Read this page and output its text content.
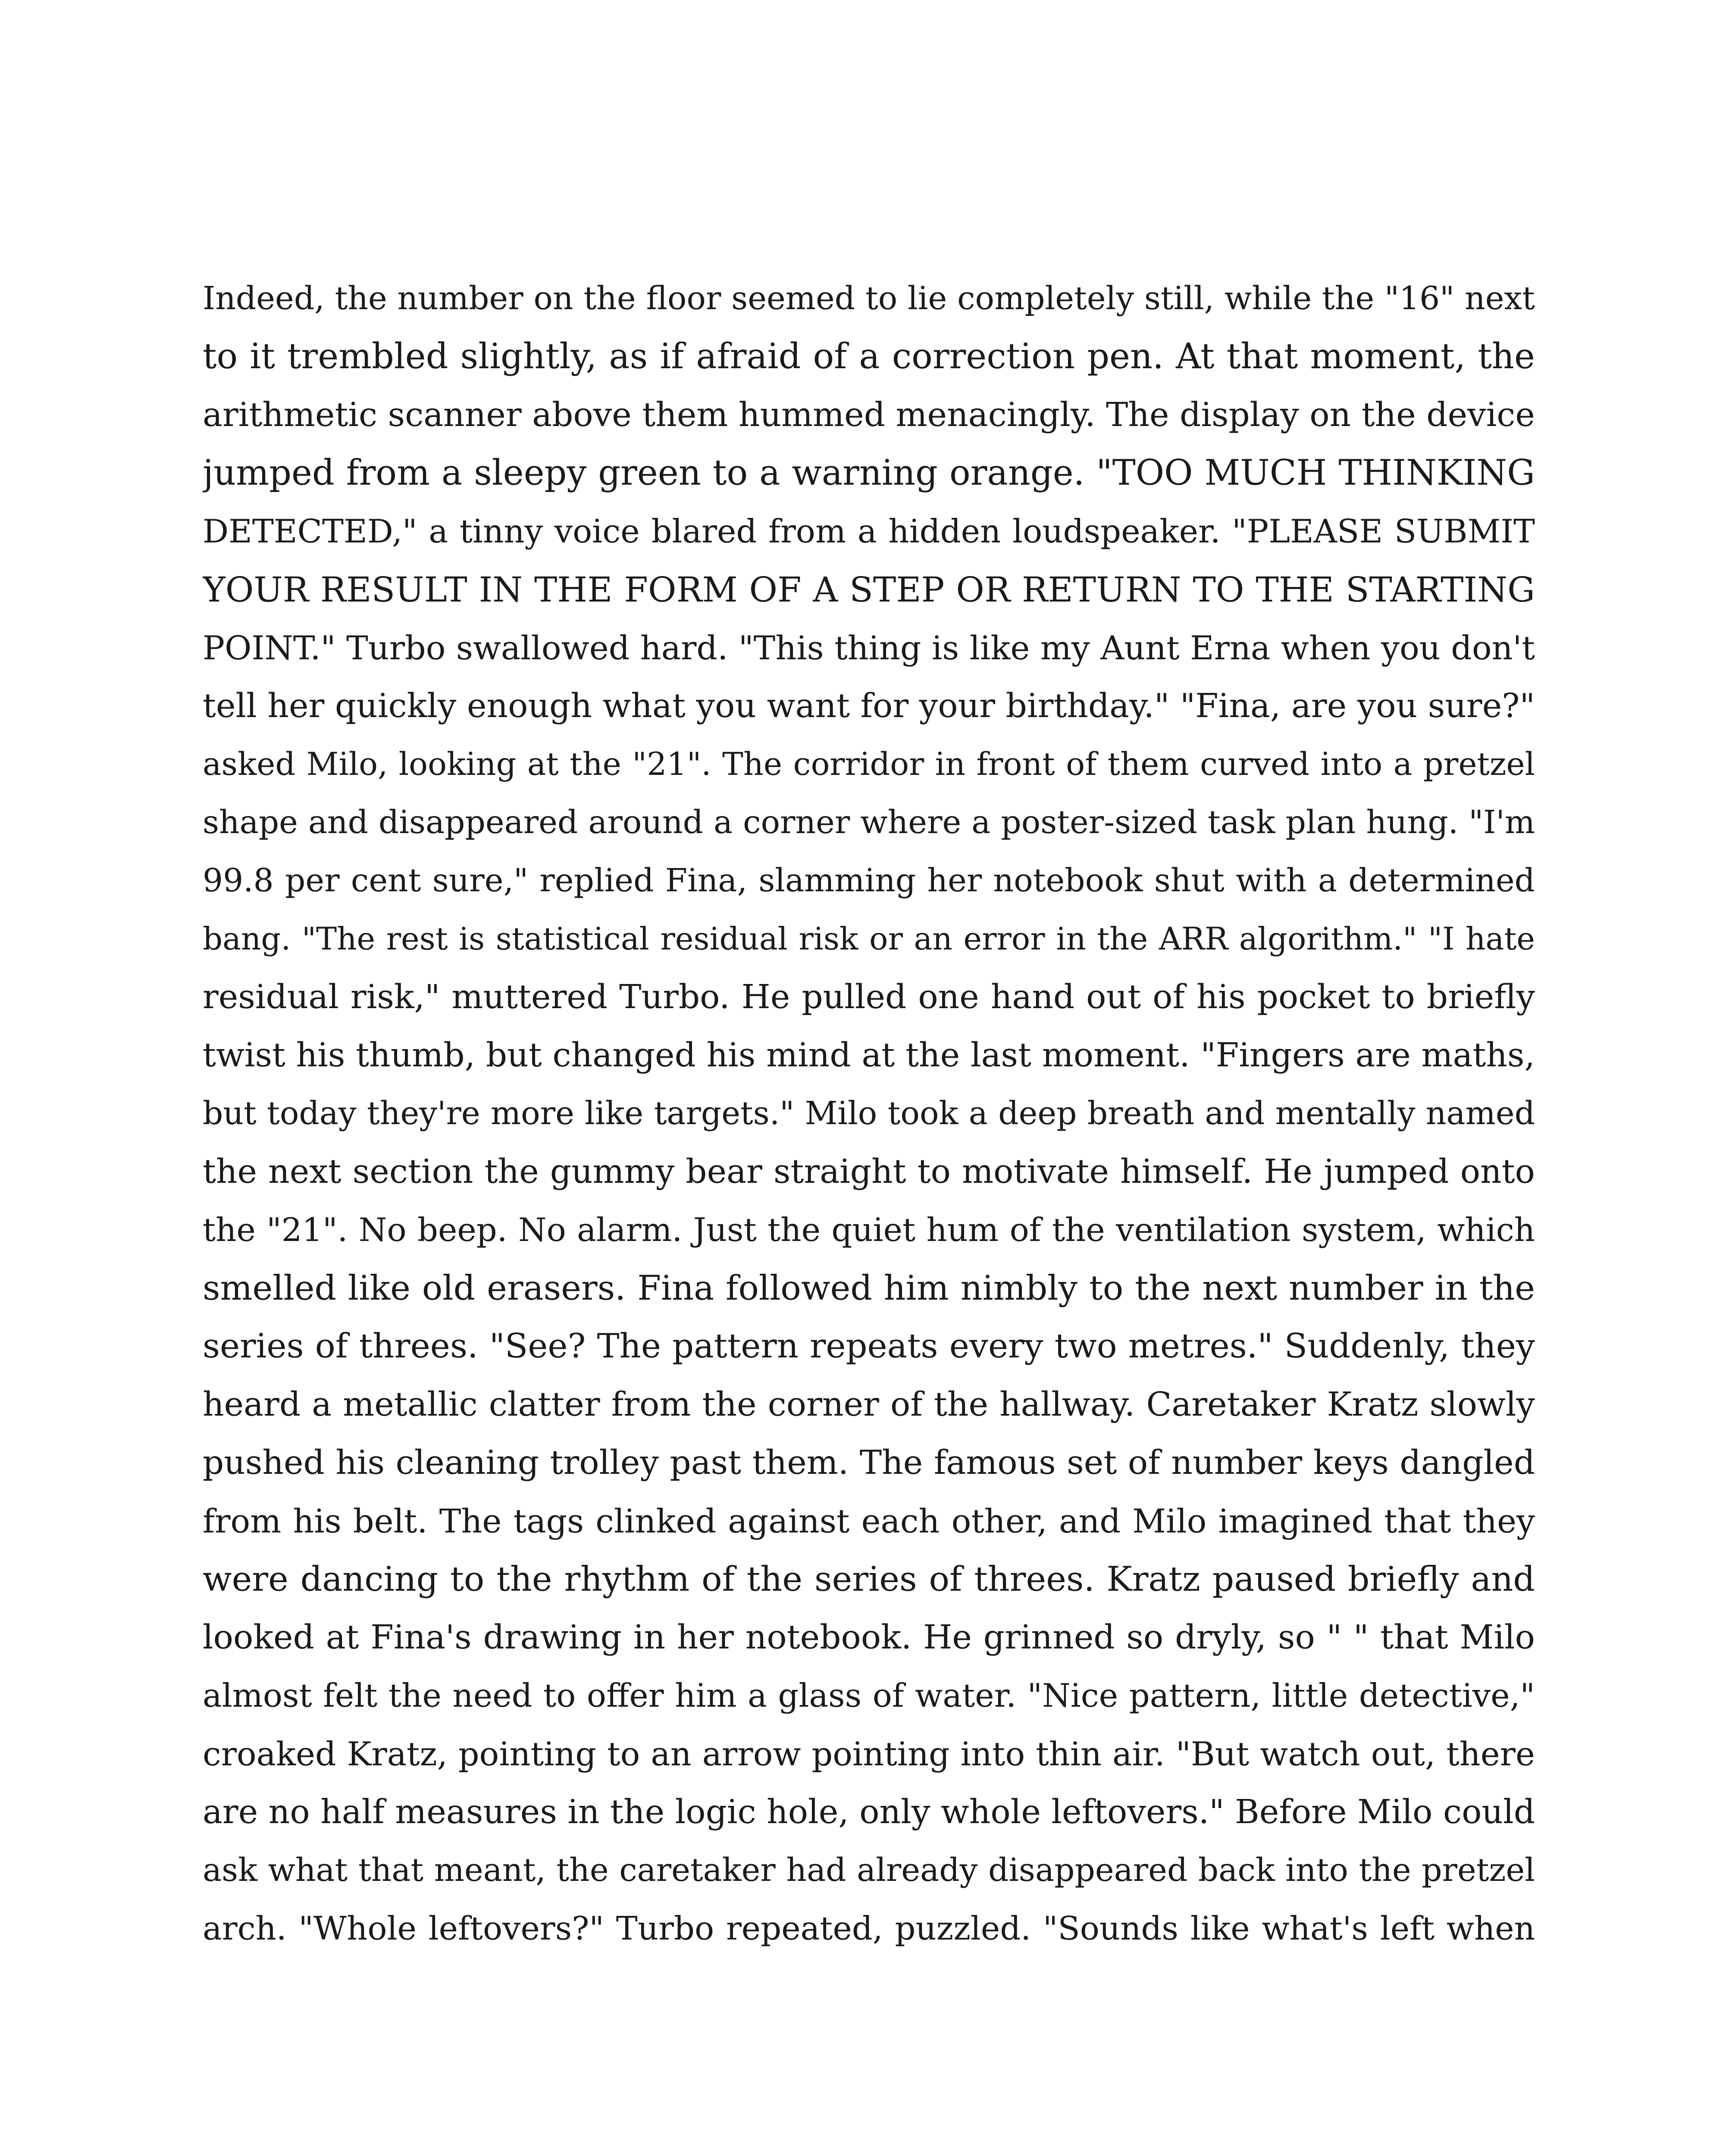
Indeed, the number on the floor seemed to lie completely still, while the "16" next
to it trembled slightly, as if afraid of a correction pen. At that moment, the
arithmetic scanner above them hummed menacingly. The display on the device
jumped from a sleepy green to a warning orange. "TOO MUCH THINKING
DETECTED," a tinny voice blared from a hidden loudspeaker. "PLEASE SUBMIT
YOUR RESULT IN THE FORM OF A STEP OR RETURN TO THE STARTING
POINT." Turbo swallowed hard. "This thing is like my Aunt Erna when you don't
tell her quickly enough what you want for your birthday." "Fina, are you sure?"
asked Milo, looking at the "21". The corridor in front of them curved into a pretzel
shape and disappeared around a corner where a poster-sized task plan hung. "I'm
99.8 per cent sure," replied Fina, slamming her notebook shut with a determined
bang. "The rest is statistical residual risk or an error in the ARR algorithm." "I hate
residual risk," muttered Turbo. He pulled one hand out of his pocket to briefly
twist his thumb, but changed his mind at the last moment. "Fingers are maths,
but today they're more like targets." Milo took a deep breath and mentally named
the next section the gummy bear straight to motivate himself. He jumped onto
the "21". No beep. No alarm. Just the quiet hum of the ventilation system, which
smelled like old erasers. Fina followed him nimbly to the next number in the
series of threes. "See? The pattern repeats every two metres." Suddenly, they
heard a metallic clatter from the corner of the hallway. Caretaker Kratz slowly
pushed his cleaning trolley past them. The famous set of number keys dangled
from his belt. The tags clinked against each other, and Milo imagined that they
were dancing to the rhythm of the series of threes. Kratz paused briefly and
looked at Fina's drawing in her notebook. He grinned so dryly, so " " that Milo
almost felt the need to offer him a glass of water. "Nice pattern, little detective,"
croaked Kratz, pointing to an arrow pointing into thin air. "But watch out, there
are no half measures in the logic hole, only whole leftovers." Before Milo could
ask what that meant, the caretaker had already disappeared back into the pretzel
arch. "Whole leftovers?" Turbo repeated, puzzled. "Sounds like what's left when
